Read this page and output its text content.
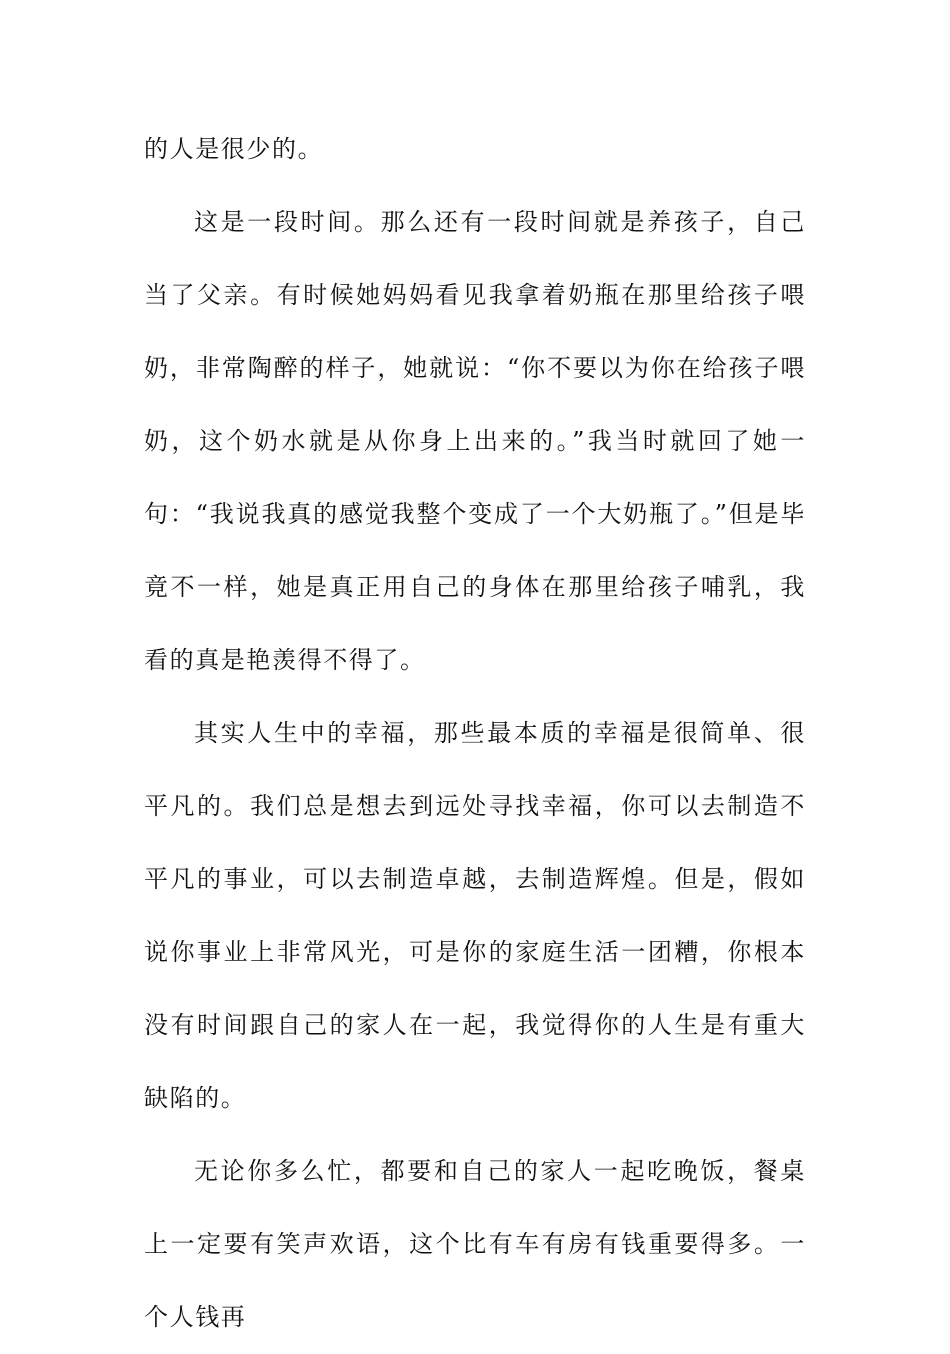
的人是很少的。

这是一段时间。那么还有一段时间就是养孩子，自己当了父亲。有时候她妈妈看见我拿着奶瓶在那里给孩子喂奶，非常陶醉的样子，她就说：“你不要以为你在给孩子喂奶，这个奶水就是从你身上出来的。”我当时就回了她一句：“我说我真的感觉我整个变成了一个大奶瓶了。”但是毕竟不一样，她是真正用自己的身体在那里给孩子哺乳，我看的真是艳羡得不得了。

其实人生中的幸福，那些最本质的幸福是很简单、很平凡的。我们总是想去到远处寻找幸福，你可以去制造不平凡的事业，可以去制造卓越，去制造辉煌。但是，假如说你事业上非常风光，可是你的家庭生活一团糟，你根本没有时间跟自己的家人在一起，我觉得你的人生是有重大缺陷的。

无论你多么忙，都要和自己的家人一起吃晚饭，餐桌上一定要有笑声欢语，这个比有车有房有钱重要得多。一个人钱再
